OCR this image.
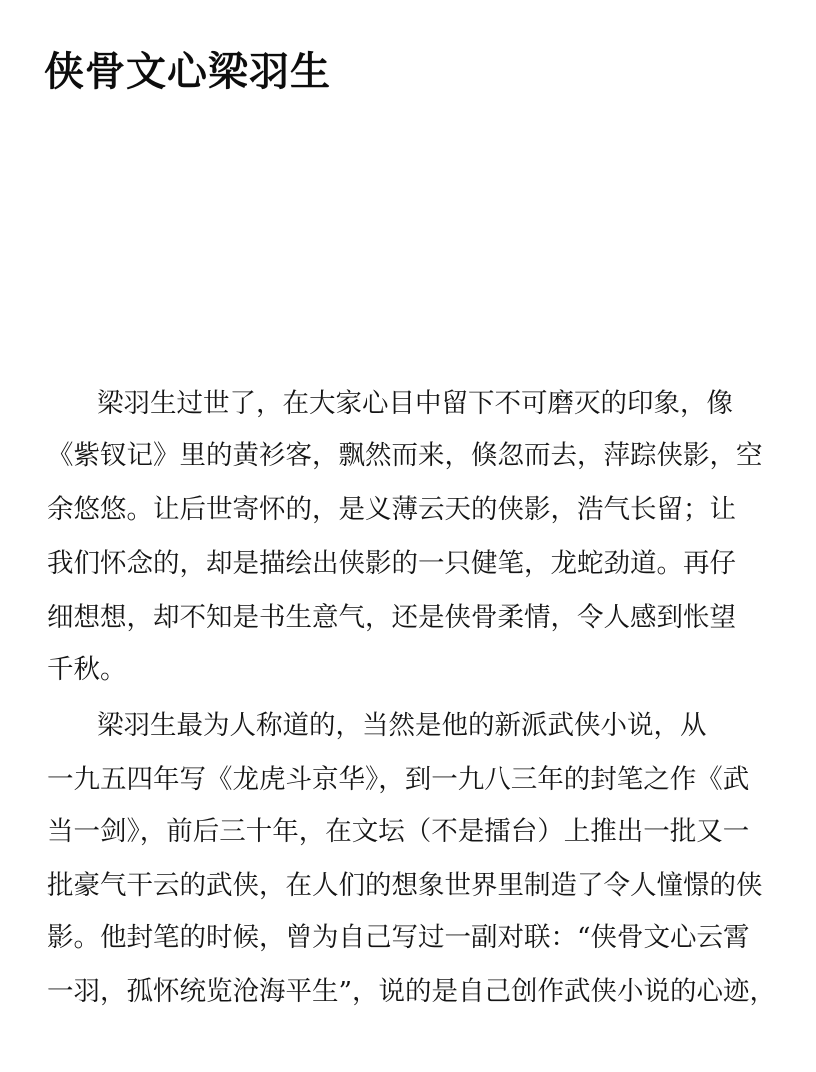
侠骨文心梁羽生

梁羽生过世了，在大家心目中留下不可磨灭的印象，像

《紫钗记》里的黄衫客，飘然而来，倏忽而去，萍踪侠影，空

余悠悠。让后世寄怀的，是义薄云天的侠影，浩气长留；让

我们怀念的，却是描绘出侠影的一只健笔，龙蛇劲道。再仔

细想想，却不知是书生意气，还是侠骨柔情，令人感到怅望

千秋。

梁羽生最为人称道的，当然是他的新派武侠小说，从

一九五四年写《龙虎斗京华》，到一九八三年的封笔之作《武

当一剑》，前后三十年，在文坛（不是擂台）上推出一批又一

批豪气干云的武侠，在人们的想象世界里制造了令人憧憬的侠

影。他封笔的时候，曾为自己写过一副对联：“侠骨文心云霄

一羽，孤怀统览沧海平生”，说的是自己创作武侠小说的心迹，
